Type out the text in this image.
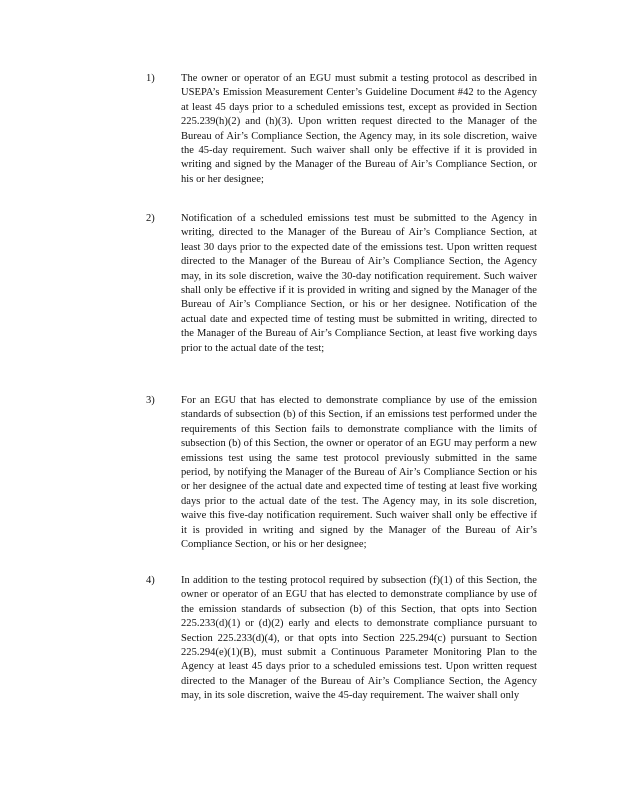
1)	The owner or operator of an EGU must submit a testing protocol as described in USEPA’s Emission Measurement Center’s Guideline Document #42 to the Agency at least 45 days prior to a scheduled emissions test, except as provided in Section 225.239(h)(2) and (h)(3). Upon written request directed to the Manager of the Bureau of Air’s Compliance Section, the Agency may, in its sole discretion, waive the 45-day requirement. Such waiver shall only be effective if it is provided in writing and signed by the Manager of the Bureau of Air’s Compliance Section, or his or her designee;
2)	Notification of a scheduled emissions test must be submitted to the Agency in writing, directed to the Manager of the Bureau of Air’s Compliance Section, at least 30 days prior to the expected date of the emissions test. Upon written request directed to the Manager of the Bureau of Air’s Compliance Section, the Agency may, in its sole discretion, waive the 30-day notification requirement. Such waiver shall only be effective if it is provided in writing and signed by the Manager of the Bureau of Air’s Compliance Section, or his or her designee. Notification of the actual date and expected time of testing must be submitted in writing, directed to the Manager of the Bureau of Air’s Compliance Section, at least five working days prior to the actual date of the test;
3)	For an EGU that has elected to demonstrate compliance by use of the emission standards of subsection (b) of this Section, if an emissions test performed under the requirements of this Section fails to demonstrate compliance with the limits of subsection (b) of this Section, the owner or operator of an EGU may perform a new emissions test using the same test protocol previously submitted in the same period, by notifying the Manager of the Bureau of Air’s Compliance Section or his or her designee of the actual date and expected time of testing at least five working days prior to the actual date of the test. The Agency may, in its sole discretion, waive this five-day notification requirement. Such waiver shall only be effective if it is provided in writing and signed by the Manager of the Bureau of Air’s Compliance Section, or his or her designee;
4)	In addition to the testing protocol required by subsection (f)(1) of this Section, the owner or operator of an EGU that has elected to demonstrate compliance by use of the emission standards of subsection (b) of this Section, that opts into Section 225.233(d)(1) or (d)(2) early and elects to demonstrate compliance pursuant to Section 225.233(d)(4), or that opts into Section 225.294(c) pursuant to Section 225.294(e)(1)(B), must submit a Continuous Parameter Monitoring Plan to the Agency at least 45 days prior to a scheduled emissions test. Upon written request directed to the Manager of the Bureau of Air’s Compliance Section, the Agency may, in its sole discretion, waive the 45-day requirement. The waiver shall only
